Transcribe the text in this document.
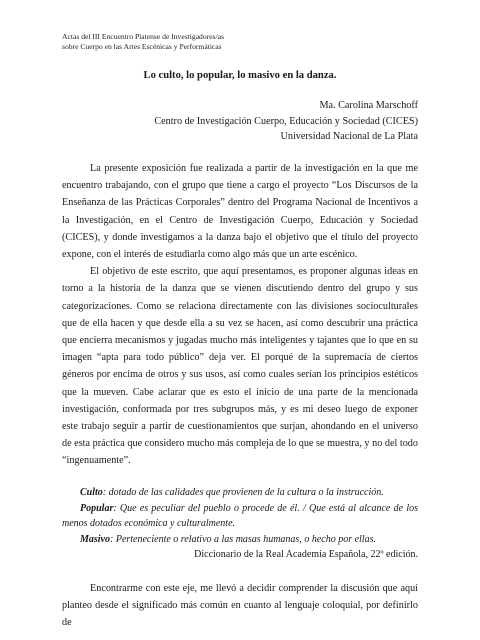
Actas del III Encuentro Platense de Investigadores/as
sobre Cuerpo en las Artes Escénicas y Performáticas
Lo culto, lo popular, lo masivo en la danza.
Ma. Carolina Marschoff
Centro de Investigación Cuerpo, Educación y Sociedad (CICES)
Universidad Nacional de La Plata

La presente exposición fue realizada a partir de la investigación en la que me encuentro trabajando, con el grupo que tiene a cargo el proyecto “Los Discursos de la Enseñanza de las Prácticas Corporales” dentro del Programa Nacional de Incentivos a la Investigación, en el Centro de Investigación Cuerpo, Educación y Sociedad (CICES), y donde investigamos a la danza bajo el objetivo que el título del proyecto expone, con el interés de estudiarla como algo más que un arte escénico.

El objetivo de este escrito, que aquí presentamos, es proponer algunas ideas en torno a la historia de la danza que se vienen discutiendo dentro del grupo y sus categorizaciones. Como se relaciona directamente con las divisiones socioculturales que de ella hacen y que desde ella a su vez se hacen, así como descubrir una práctica que encierra mecanismos y jugadas mucho más inteligentes y tajantes que lo que en su imagen “apta para todo público” deja ver. El porqué de la supremacía de ciertos géneros por encima de otros y sus usos, así como cuales serían los principios estéticos que la mueven. Cabe aclarar que es esto el inicio de una parte de la mencionada investigación, conformada por tres subgrupos más, y es mi deseo luego de exponer este trabajo seguir a partir de cuestionamientos que surjan, ahondando en el universo de esta práctica que considero mucho más compleja de lo que se muestra, y no del todo “ingenuamente”.

Culto: dotado de las calidades que provienen de la cultura o la instrucción.
Popular: Que es peculiar del pueblo o procede de él. / Que está al alcance de los menos dotados económica y culturalmente.
Masivo: Perteneciente o relativo a las masas humanas, o hecho por ellas.
Diccionario de la Real Academia Española, 22º edición.

Encontrarme con este eje, me llevó a decidir comprender la discusión que aquí planteo desde el significado más común en cuanto al lenguaje coloquial, por definirlo de
